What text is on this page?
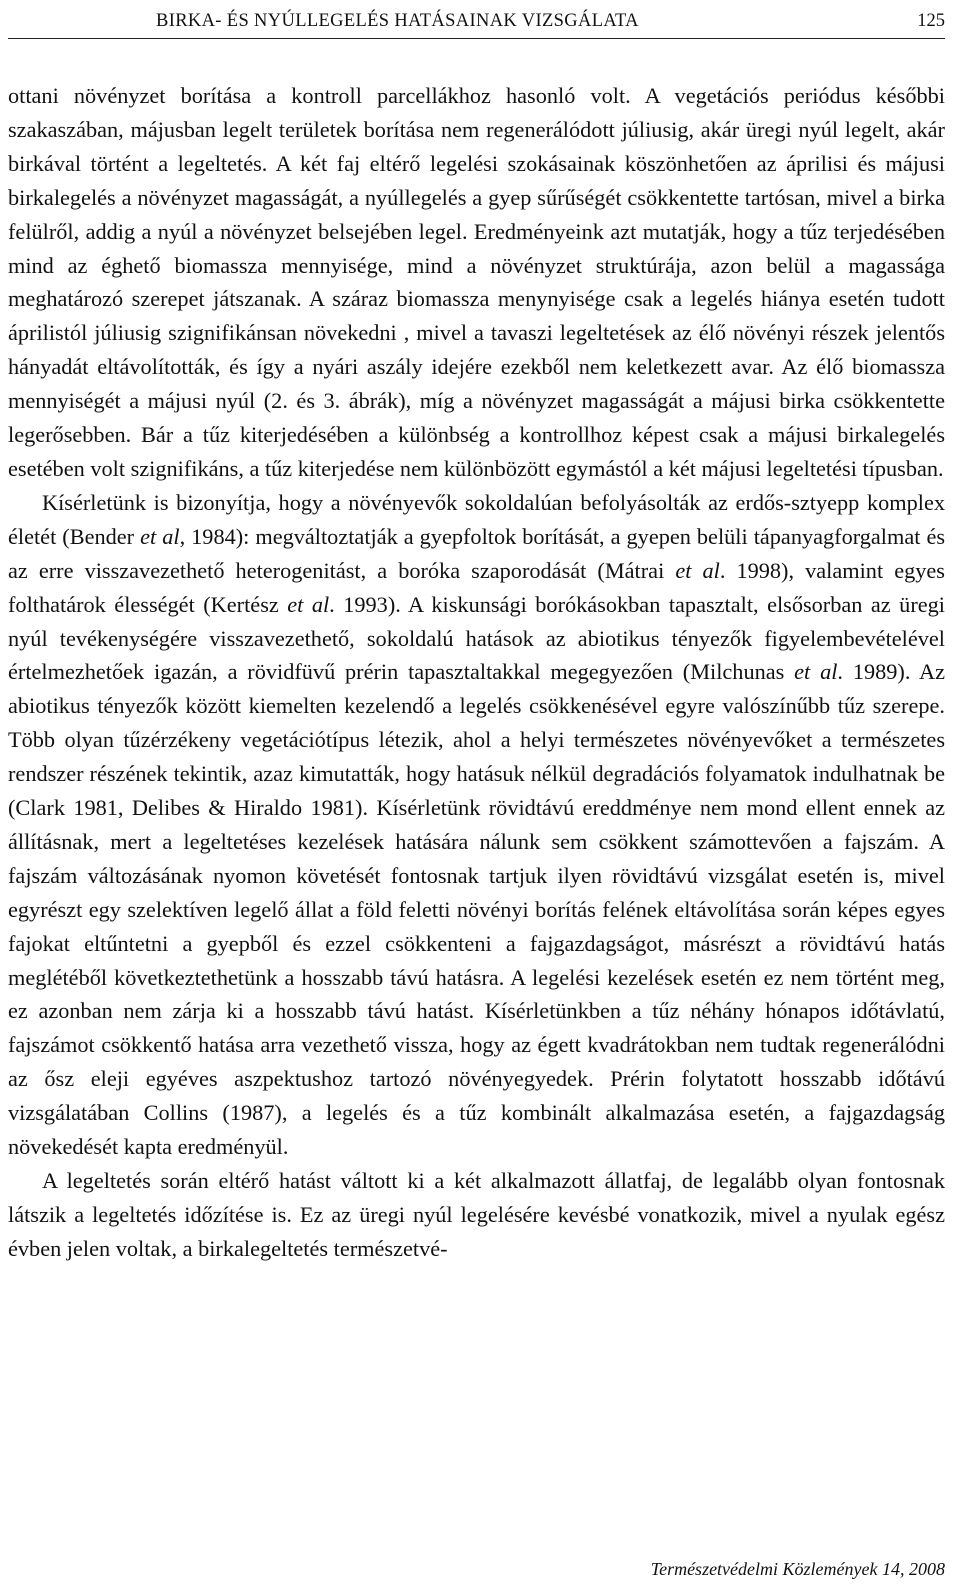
BIRKA- ÉS NYÚLLEGELÉS HATÁSAINAK VIZSGÁLATA	125

ottani növényzet borítása a kontroll parcellákhoz hasonló volt. A vegetációs periódus későbbi szakaszában, májusban legelt területek borítása nem regenerálódott júliusig, akár üregi nyúl legelt, akár birkával történt a legeltetés. A két faj eltérő legelési szokásainak köszönhetően az áprilisi és májusi birkalegelés a növényzet magasságát, a nyúllegelés a gyep sűrűségét csökkentette tartósan, mivel a birka felülről, addig a nyúl a növényzet belsejében legel. Eredményeink azt mutatják, hogy a tűz terjedésében mind az éghető biomassza mennyisége, mind a növényzet struktúrája, azon belül a magassága meghatározó szerepet játszanak. A száraz biomassza menynyisége csak a legelés hiánya esetén tudott áprilistól júliusig szignifikánsan növekedni , mivel a tavaszi legeltetések az élő növényi részek jelentős hányadát eltávolították, és így a nyári aszály idejére ezekből nem keletkezett avar. Az élő biomassza mennyiségét a májusi nyúl (2. és 3. ábrák), míg a növényzet magasságát a májusi birka csökkentette legerősebben. Bár a tűz kiterjedésében a különbség a kontrollhoz képest csak a májusi birkalegelés esetében volt szignifikáns, a tűz kiterjedése nem különbözött egymástól a két májusi legeltetési típusban.

Kísérletünk is bizonyítja, hogy a növényevők sokoldalúan befolyásolták az erdős-sztyepp komplex életét (Bender et al, 1984): megváltoztatják a gyepfoltok borítását, a gyepen belüli tápanyagforgalmat és az erre visszavezethető heterogenitást, a boróka szaporodását (Mátrai et al. 1998), valamint egyes folthatárok élességét (Kertész et al. 1993). A kiskunsági borókásokban tapasztalt, elsősorban az üregi nyúl tevékenységére visszavezethető, sokoldalú hatások az abiotikus tényezők figyelembevételével értelmezhetőek igazán, a rövidfüvű prérin tapasztaltakkal megegyezően (Milchunas et al. 1989). Az abiotikus tényezők között kiemelten kezelendő a legelés csökkenésével egyre valószínűbb tűz szerepe. Több olyan tűzérzékeny vegetációtípus létezik, ahol a helyi természetes növényevőket a természetes rendszer részének tekintik, azaz kimutatták, hogy hatásuk nélkül degradációs folyamatok indulhatnak be (Clark 1981, Delibes & Hiraldo 1981). Kísérletünk rövidtávú ereddménye nem mond ellent ennek az állításnak, mert a legeltetéses kezelések hatására nálunk sem csökkent számottevően a fajszám. A fajszám változásának nyomon követését fontosnak tartjuk ilyen rövidtávú vizsgálat esetén is, mivel egyrészt egy szelektíven legelő állat a föld feletti növényi borítás felének eltávolítása során képes egyes fajokat eltűntetni a gyepből és ezzel csökkenteni a fajgazdagságot, másrészt a rövidtávú hatás meglétéből következtethetünk a hosszabb távú hatásra. A legelési kezelések esetén ez nem történt meg, ez azonban nem zárja ki a hosszabb távú hatást. Kísérletünkben a tűz néhány hónapos időtávlatú, fajszámot csökkentő hatása arra vezethető vissza, hogy az égett kvadrátokban nem tudtak regenerálódni az ősz eleji egyéves aszpektushoz tartozó növényegyedek. Prérin folytatott hosszabb időtávú vizsgálatában Collins (1987), a legelés és a tűz kombinált alkalmazása esetén, a fajgazdagság növekedését kapta eredményül.

A legeltetés során eltérő hatást váltott ki a két alkalmazott állatfaj, de legalább olyan fontosnak látszik a legeltetés időzítése is. Ez az üregi nyúl legelésére kevésbé vonatkozik, mivel a nyulak egész évben jelen voltak, a birkalegeltetés természetvé-

Természetvédelmi Közlemények 14, 2008
